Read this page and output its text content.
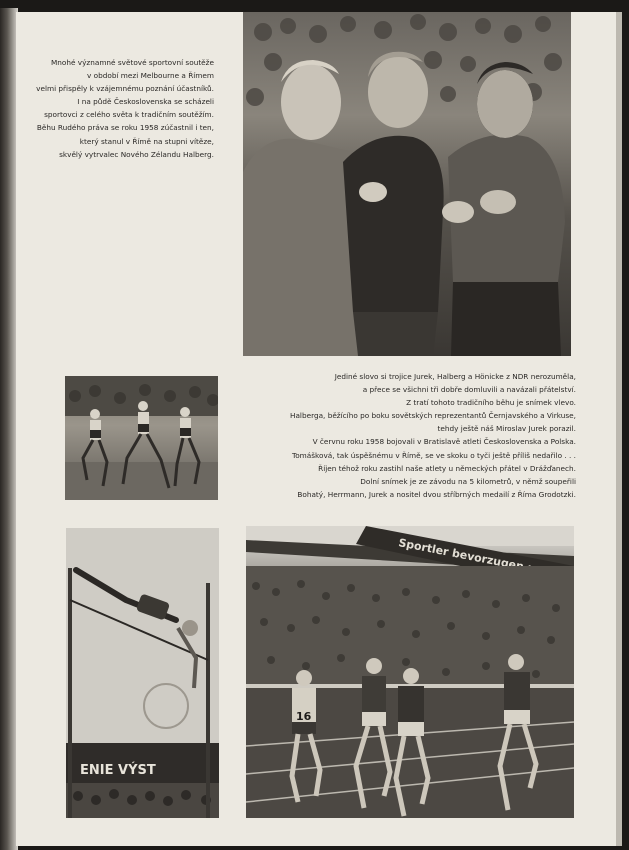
Mnohé významné světové sportovní soutěže
v období mezi Melbourne a Římem
velmi přispěly k vzájemnému poznání účastníků.
I na půdě Československa se scházeli
sportovci z celého světa k tradičním soutěžím.
Běhu Rudého práva se roku 1958 zúčastnil i ten,
který stanul v Římě na stupni vítěze,
skvělý vytrvalec Nového Zélandu Halberg.
Jediné slovo si trojice Jurek, Halberg a Hönicke z NDR nerozuměla,
a přece se všichni tři dobře domluvili a navázali přátelství.
Z tratí tohoto tradičního běhu je snímek vlevo.
Halberga, běžícího po boku sovětských reprezentantů Černjavského a Virkuse,
tehdy ještě náš Miroslav Jurek porazil.
V červnu roku 1958 bojovali v Bratislavě atleti Československa a Polska.
Tomášková, tak úspěšnému v Římě, se ve skoku o tyči ještě příliš nedařilo . . .
Říjen téhož roku zastihl naše atlety u německých přátel v Drážďanech.
Dolní snímek je ze závodu na 5 kilometrů, v němž soupeřili
Bohatý, Herrmann, Jurek a nositel dvou stříbrných medailí z Říma Grodotzki.
ENIE VÝST
16
